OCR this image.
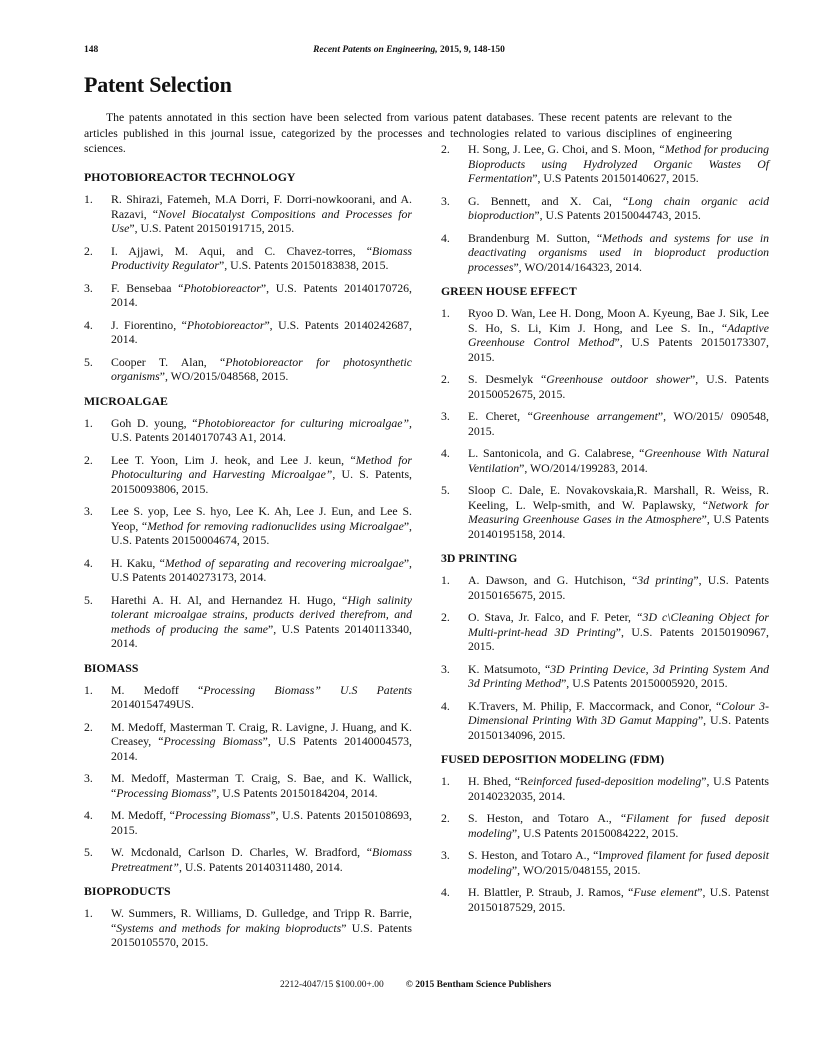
148	Recent Patents on Engineering, 2015, 9, 148-150
Patent Selection

The patents annotated in this section have been selected from various patent databases. These recent patents are relevant to the articles published in this journal issue, categorized by the processes and technologies related to various disciplines of engineering sciences.

PHOTOBIOREACTOR TECHNOLOGY
1.	R. Shirazi, Fatemeh, M.A Dorri, F. Dorri-nowkoorani, and A. Razavi, “Novel Biocatalyst Compositions and Processes for Use”, U.S. Patent 20150191715, 2015.
2.	I. Ajjawi, M. Aqui, and C. Chavez-torres, “Biomass Productivity Regulator”, U.S. Patents 20150183838, 2015.
3.	F. Bensebaa “Photobioreactor”, U.S. Patents 20140170726, 2014.
4.	J. Fiorentino, “Photobioreactor”, U.S. Patents 20140242687, 2014.
5.	Cooper T. Alan, “Photobioreactor for photosynthetic organisms”, WO/2015/048568, 2015.
MICROALGAE
1.	Goh D. young, “Photobioreactor for culturing microalgae”, U.S. Patents 20140170743 A1, 2014.
2.	Lee T. Yoon, Lim J. heok, and Lee J. keun, “Method for Photoculturing and Harvesting Microalgae”, U. S. Patents, 20150093806, 2015.
3.	Lee S. yop, Lee S. hyo, Lee K. Ah, Lee J. Eun, and Lee S. Yeop, “Method for removing radionuclides using Microalgae”, U.S. Patents 20150004674, 2015.
4.	H. Kaku, “Method of separating and recovering microalgae”, U.S Patents 20140273173, 2014.
5.	Harethi A. H. Al, and Hernandez H. Hugo, “High salinity tolerant microalgae strains, products derived therefrom, and methods of producing the same”, U.S Patents 20140113340, 2014.
BIOMASS
1.	M. Medoff “Processing Biomass” U.S Patents 20140154749US.
2.	M. Medoff, Masterman T. Craig, R. Lavigne, J. Huang, and K. Creasey, “Processing Biomass”, U.S Patents 20140004573, 2014.
3.	M. Medoff, Masterman T. Craig, S. Bae, and K. Wallick, “Processing Biomass”, U.S Patents 20150184204, 2014.
4.	M. Medoff, “Processing Biomass”, U.S. Patents 20150108693, 2015.
5.	W. Mcdonald, Carlson D. Charles, W. Bradford, “Biomass Pretreatment”, U.S. Patents 20140311480, 2014.
BIOPRODUCTS
1.	W. Summers, R. Williams, D. Gulledge, and Tripp R. Barrie, “Systems and methods for making bioproducts” U.S. Patents 20150105570, 2015.
2.	H. Song, J. Lee, G. Choi, and S. Moon, “Method for producing Bioproducts using Hydrolyzed Organic Wastes Of Fermentation”, U.S Patents 20150140627, 2015.
3.	G. Bennett, and X. Cai, “Long chain organic acid bioproduction”, U.S Patents 20150044743, 2015.
4.	Brandenburg M. Sutton, “Methods and systems for use in deactivating organisms used in bioproduct production processes”, WO/2014/164323, 2014.
GREEN HOUSE EFFECT
1.	Ryoo D. Wan, Lee H. Dong, Moon A. Kyeung, Bae J. Sik, Lee S. Ho, S. Li, Kim J. Hong, and Lee S. In., “Adaptive Greenhouse Control Method”, U.S Patents 20150173307, 2015.
2.	S. Desmelyk “Greenhouse outdoor shower”, U.S. Patents 20150052675, 2015.
3.	E. Cheret, “Greenhouse arrangement”, WO/2015/ 090548, 2015.
4.	L. Santonicola, and G. Calabrese, “Greenhouse With Natural Ventilation”, WO/2014/199283, 2014.
5.	Sloop C. Dale, E. Novakovskaia,R. Marshall, R. Weiss, R. Keeling, L. Welp-smith, and W. Paplawsky, “Network for Measuring Greenhouse Gases in the Atmosphere”, U.S Patents 20140195158, 2014.
3D PRINTING
1.	A. Dawson, and G. Hutchison, “3d printing”, U.S. Patents 20150165675, 2015.
2.	O. Stava, Jr. Falco, and F. Peter, “3D c\Cleaning Object for Multi-print-head 3D Printing”, U.S. Patents 20150190967, 2015.
3.	K. Matsumoto, “3D Printing Device, 3d Printing System And 3d Printing Method”, U.S Patents 20150005920, 2015.
4.	K.Travers, M. Philip, F. Maccormack, and Conor, “Colour 3-Dimensional Printing With 3D Gamut Mapping”, U.S. Patents 20150134096, 2015.
FUSED DEPOSITION MODELING (FDM)
1.	H. Bhed, “Reinforced fused-deposition modeling”, U.S Patents 20140232035, 2014.
2.	S. Heston, and Totaro A., “Filament for fused deposit modeling”, U.S Patents 20150084222, 2015.
3.	S. Heston, and Totaro A., “Improved filament for fused deposit modeling”, WO/2015/048155, 2015.
4.	H. Blattler, P. Straub, J. Ramos, “Fuse element”, U.S. Patenst 20150187529, 2015.
2212-4047/15 $100.00+.00 © 2015 Bentham Science Publishers
